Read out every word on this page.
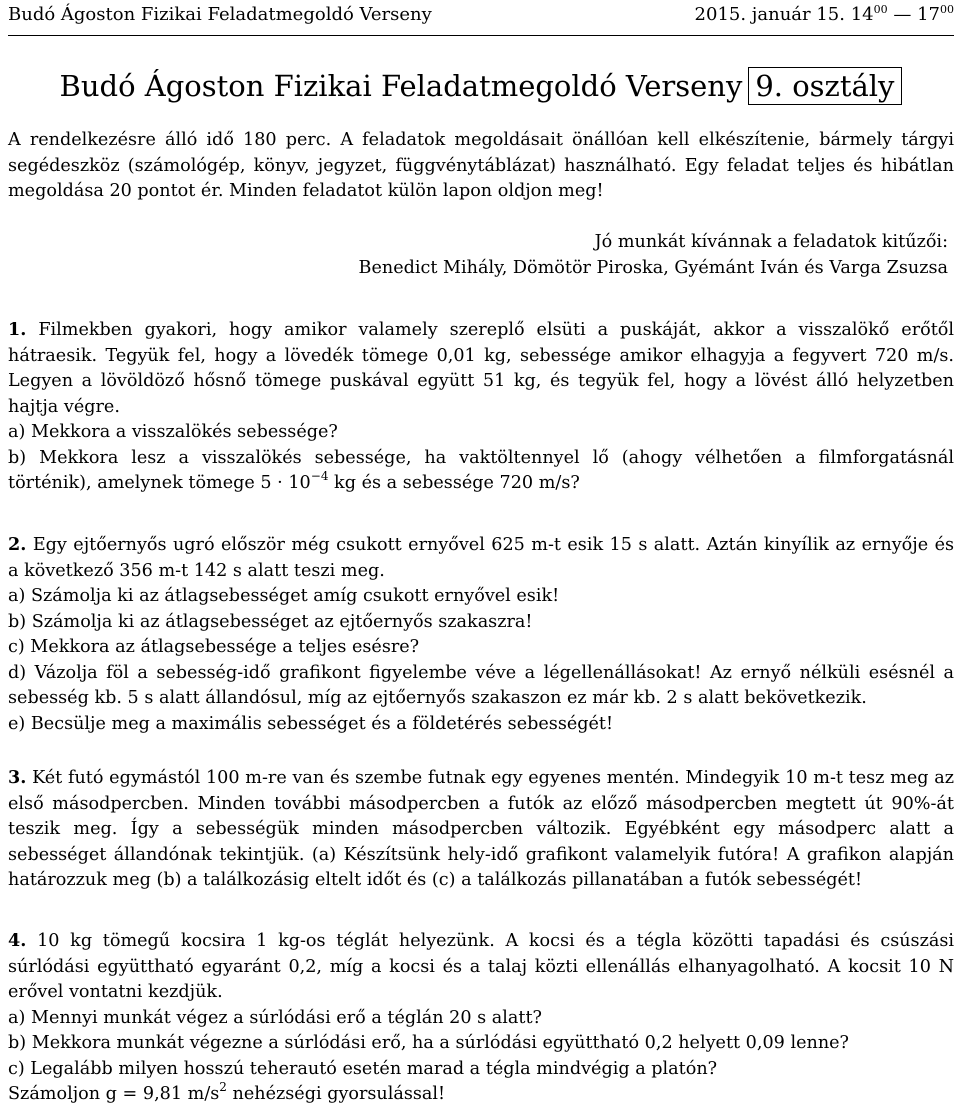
Budó Ágoston Fizikai Feladatmegoldó Verseny	2015. január 15. $14^{00}$ — $17^{00}$
Budó Ágoston Fizikai Feladatmegoldó Verseny 9. osztály

A rendelkezésre álló idő 180 perc. A feladatok megoldásait önállóan kell elkészítenie, bármely tárgyi segédeszköz (számológép, könyv, jegyzet, függvénytáblázat) használható. Egy feladat teljes és hibátlan megoldása 20 pontot ér. Minden feladatot külön lapon oldjon meg!

Jó munkát kívánnak a feladatok kitűzői:
Benedict Mihály, Dömötör Piroska, Gyémánt Iván és Varga Zsuzsa

1. Filmekben gyakori, hogy amikor valamely szereplő elsüti a puskáját, akkor a visszalökő erőtől hátraesik. Tegyük fel, hogy a lövedék tömege 0,01 kg, sebessége amikor elhagyja a fegyvert 720 m/s. Legyen a lövöldöző hősnő tömege puskával együtt 51 kg, és tegyük fel, hogy a lövést álló helyzetben hajtja végre.

a) Mekkora a visszalökés sebessége?

b) Mekkora lesz a visszalökés sebessége, ha vaktöltennyel lő (ahogy vélhetően a filmforgatásnál történik), amelynek tömege $5 \cdot 10^{-4}$ kg és a sebessége 720 m/s?

2. Egy ejtőernyős ugró először még csukott ernyővel 625 m-t esik 15 s alatt. Aztán kinyílik az ernyője és a következő 356 m-t 142 s alatt teszi meg.

a) Számolja ki az átlagsebességet amíg csukott ernyővel esik!

b) Számolja ki az átlagsebességet az ejtőernyős szakaszra!

c) Mekkora az átlagsebessége a teljes esésre?

d) Vázolja föl a sebesség-idő grafikont figyelembe véve a légellenállásokat! Az ernyő nélküli esésnél a sebesség kb. 5 s alatt állandósul, míg az ejtőernyős szakaszon ez már kb. 2 s alatt bekövetkezik.

e) Becsülje meg a maximális sebességet és a földetérés sebességét!

3. Két futó egymástól 100 m-re van és szembe futnak egy egyenes mentén. Mindegyik 10 m-t tesz meg az első másodpercben. Minden további másodpercben a futók az előző másodpercben megtett út 90%-át teszik meg. Így a sebességük minden másodpercben változik. Egyébként egy másodperc alatt a sebességet állandónak tekintjük. (a) Készítsünk hely-idő grafikont valamelyik futóra! A grafikon alapján határozzuk meg (b) a találkozásig eltelt időt és (c) a találkozás pillanatában a futók sebességét!

4. 10 kg tömegű kocsira 1 kg-os téglát helyezünk. A kocsi és a tégla közötti tapadási és csúszási súrlódási együttható egyaránt 0,2, míg a kocsi és a talaj közti ellenállás elhanyagolható. A kocsit 10 N erővel vontatni kezdjük.

a) Mennyi munkát végez a súrlódási erő a téglán 20 s alatt?

b) Mekkora munkát végezne a súrlódási erő, ha a súrlódási együttható 0,2 helyett 0,09 lenne?

c) Legalább milyen hosszú teherautó esetén marad a tégla mindvégig a platón?

Számoljon g = 9,81 $m/s^2$ nehézségi gyorsulással!
